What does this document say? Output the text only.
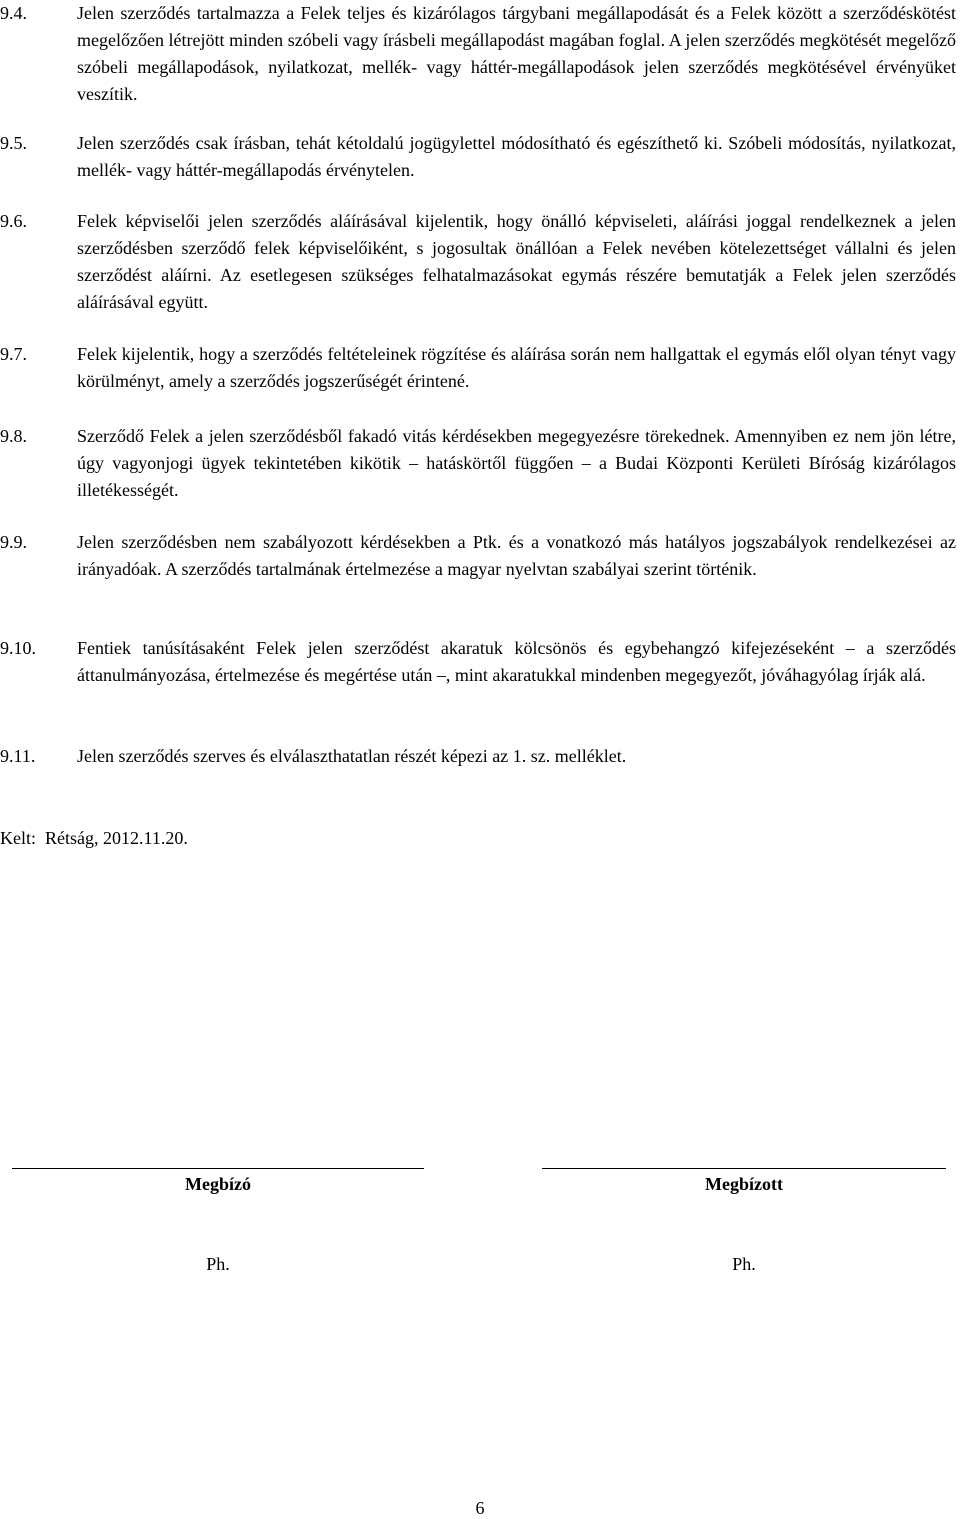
9.4.	Jelen szerződés tartalmazza a Felek teljes és kizárólagos tárgybani megállapodását és a Felek között a szerződéskötést megelőzően létrejött minden szóbeli vagy írásbeli megállapodást magában foglal. A jelen szerződés megkötését megelőző szóbeli megállapodások, nyilatkozat, mellék- vagy háttér-megállapodások jelen szerződés megkötésével érvényüket veszítik.
9.5.	Jelen szerződés csak írásban, tehát kétoldalú jogügylettel módosítható és egészíthető ki. Szóbeli módosítás, nyilatkozat, mellék- vagy háttér-megállapodás érvénytelen.
9.6.	Felek képviselői jelen szerződés aláírásával kijelentik, hogy önálló képviseleti, aláírási joggal rendelkeznek a jelen szerződésben szerződő felek képviselőiként, s jogosultak önállóan a Felek nevében kötelezettséget vállalni és jelen szerződést aláírni. Az esetlegesen szükséges felhatalmazásokat egymás részére bemutatják a Felek jelen szerződés aláírásával együtt.
9.7.	Felek kijelentik, hogy a szerződés feltételeinek rögzítése és aláírása során nem hallgattak el egymás elől olyan tényt vagy körülményt, amely a szerződés jogszerűségét érintené.
9.8.	Szerződő Felek a jelen szerződésből fakadó vitás kérdésekben megegyezésre törekednek. Amennyiben ez nem jön létre, úgy vagyonjogi ügyek tekintetében kikötik – hatáskörtől függően – a Budai Központi Kerületi Bíróság kizárólagos illetékességét.
9.9.	Jelen szerződésben nem szabályozott kérdésekben a Ptk. és a vonatkozó más hatályos jogszabályok rendelkezései az irányadóak. A szerződés tartalmának értelmezése a magyar nyelvtan szabályai szerint történik.
9.10.	Fentiek tanúsításaként Felek jelen szerződést akaratuk kölcsönös és egybehangzó kifejezéseként – a szerződés áttanulmányozása, értelmezése és megértése után –, mint akaratukkal mindenben megegyezőt, jóváhagyólag írják alá.
9.11.	Jelen szerződés szerves és elválaszthatatlan részét képezi az 1. sz. melléklet.
Kelt:  Rétság, 2012.11.20.
Megbízó	Megbízott
Ph.	Ph.
6
